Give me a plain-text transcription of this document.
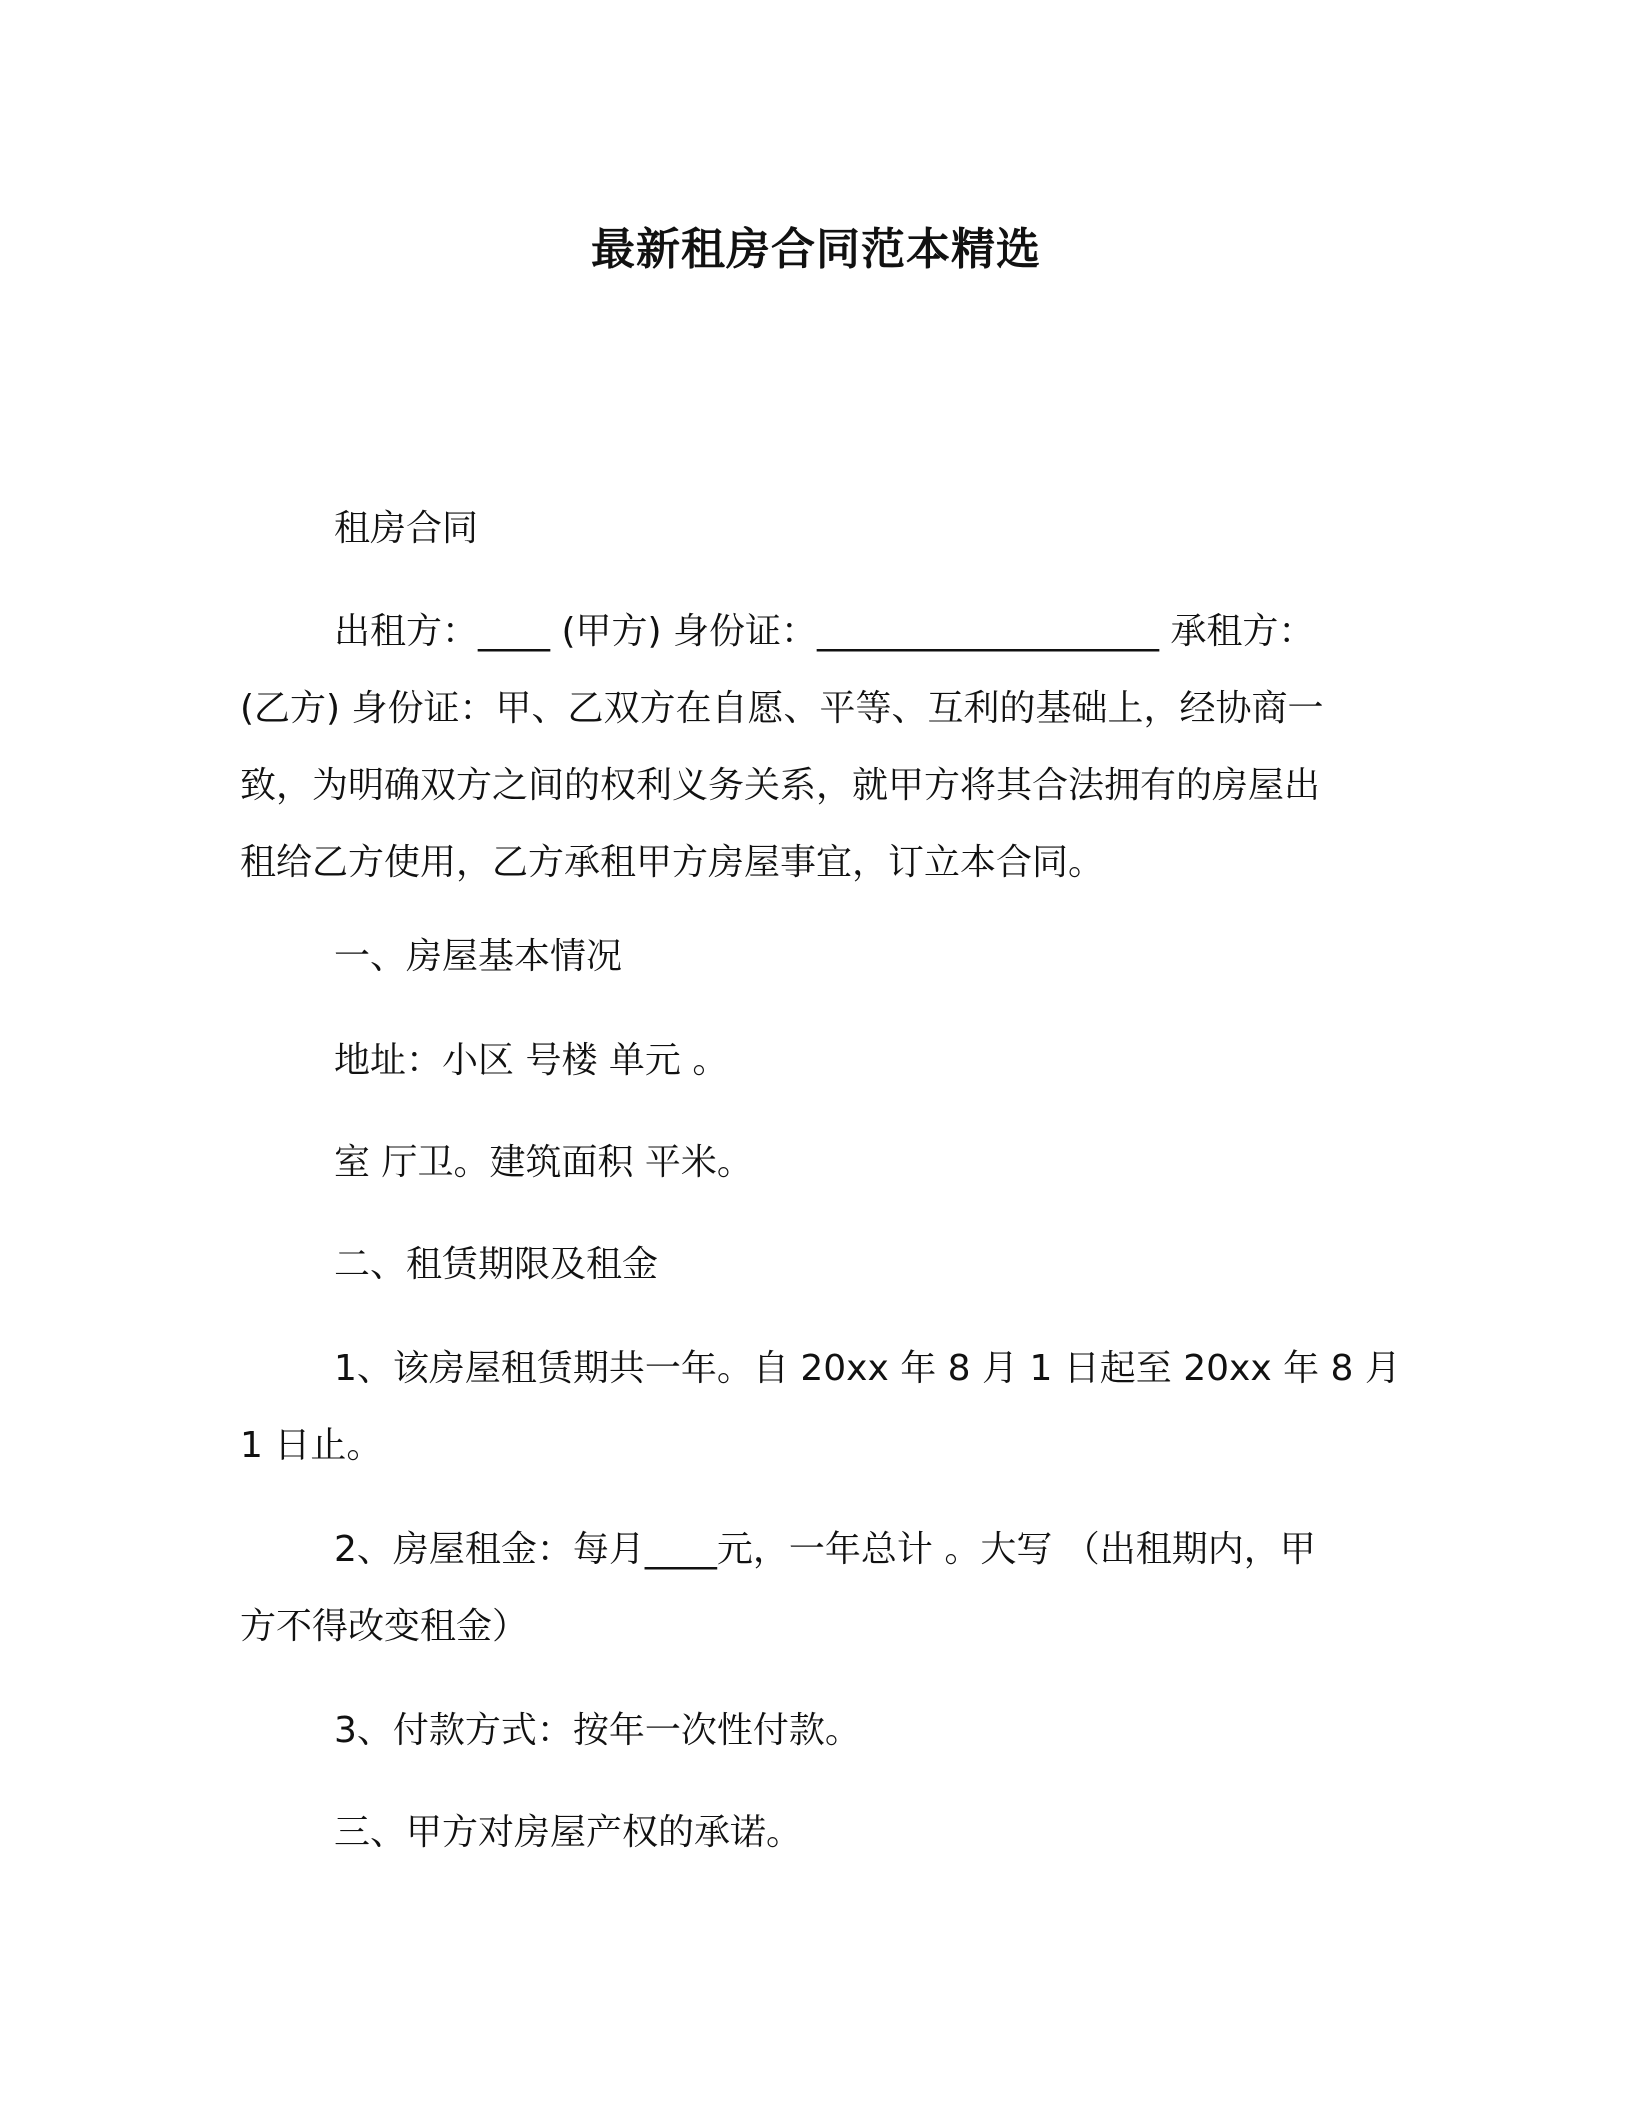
最新租房合同范本精选
租房合同
出租方：____ (甲方) 身份证：___________________ 承租方：
(乙方) 身份证：甲、乙双方在自愿、平等、互利的基础上，经协商一
致，为明确双方之间的权利义务关系，就甲方将其合法拥有的房屋出
租给乙方使用，乙方承租甲方房屋事宜，订立本合同。
一、房屋基本情况
地址：小区 号楼 单元 。
室 厅卫。建筑面积 平米。
二、租赁期限及租金
1、该房屋租赁期共一年。自 20xx 年 8 月 1 日起至 20xx 年 8 月
1 日止。
2、房屋租金：每月____元，一年总计 。大写 （出租期内，甲
方不得改变租金）
3、付款方式：按年一次性付款。
三、甲方对房屋产权的承诺。
